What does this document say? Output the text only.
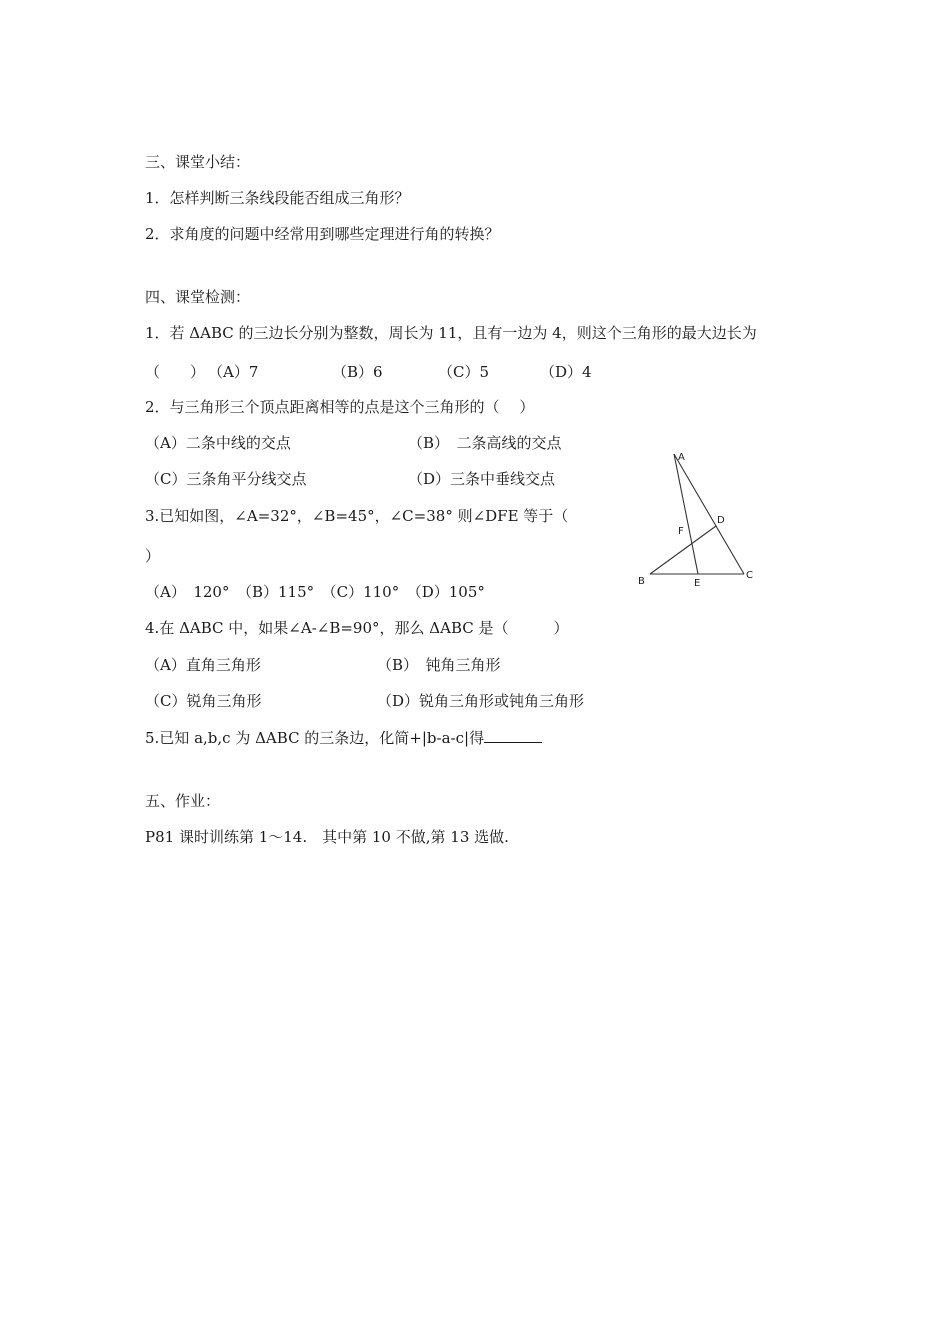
三、课堂小结：
1．怎样判断三条线段能否组成三角形？
2．求角度的问题中经常用到哪些定理进行角的转换？
四、课堂检测：
1．若 ΔABC 的三边长分别为整数，周长为 11，且有一边为 4，则这个三角形的最大边长为
（　　） （A）7	（B）6	（C）5	（D）4
2．与三角形三个顶点距离相等的点是这个三角形的（　 ）
（A）二条中线的交点	（B）　二条高线的交点
（C）三条角平分线交点	（D）三条中垂线交点
3.已知如图，∠A=32°，∠B=45°，∠C=38° 则∠DFE 等于（
）
（A）　120°　（B）115°　（C）110°　（D）105°
A
B
C
D
E
F
4.在 ΔABC 中，如果∠A-∠B=90°，那么 ΔABC 是（　　　）
（A）直角三角形	（B）　钝角三角形
（C）锐角三角形	（D）锐角三角形或钝角三角形
5.已知 a,b,c 为 ΔABC 的三条边，化简+|b-a-c|得
五、作业：
P81 课时训练第 1～14.　其中第 10 不做,第 13 选做.
